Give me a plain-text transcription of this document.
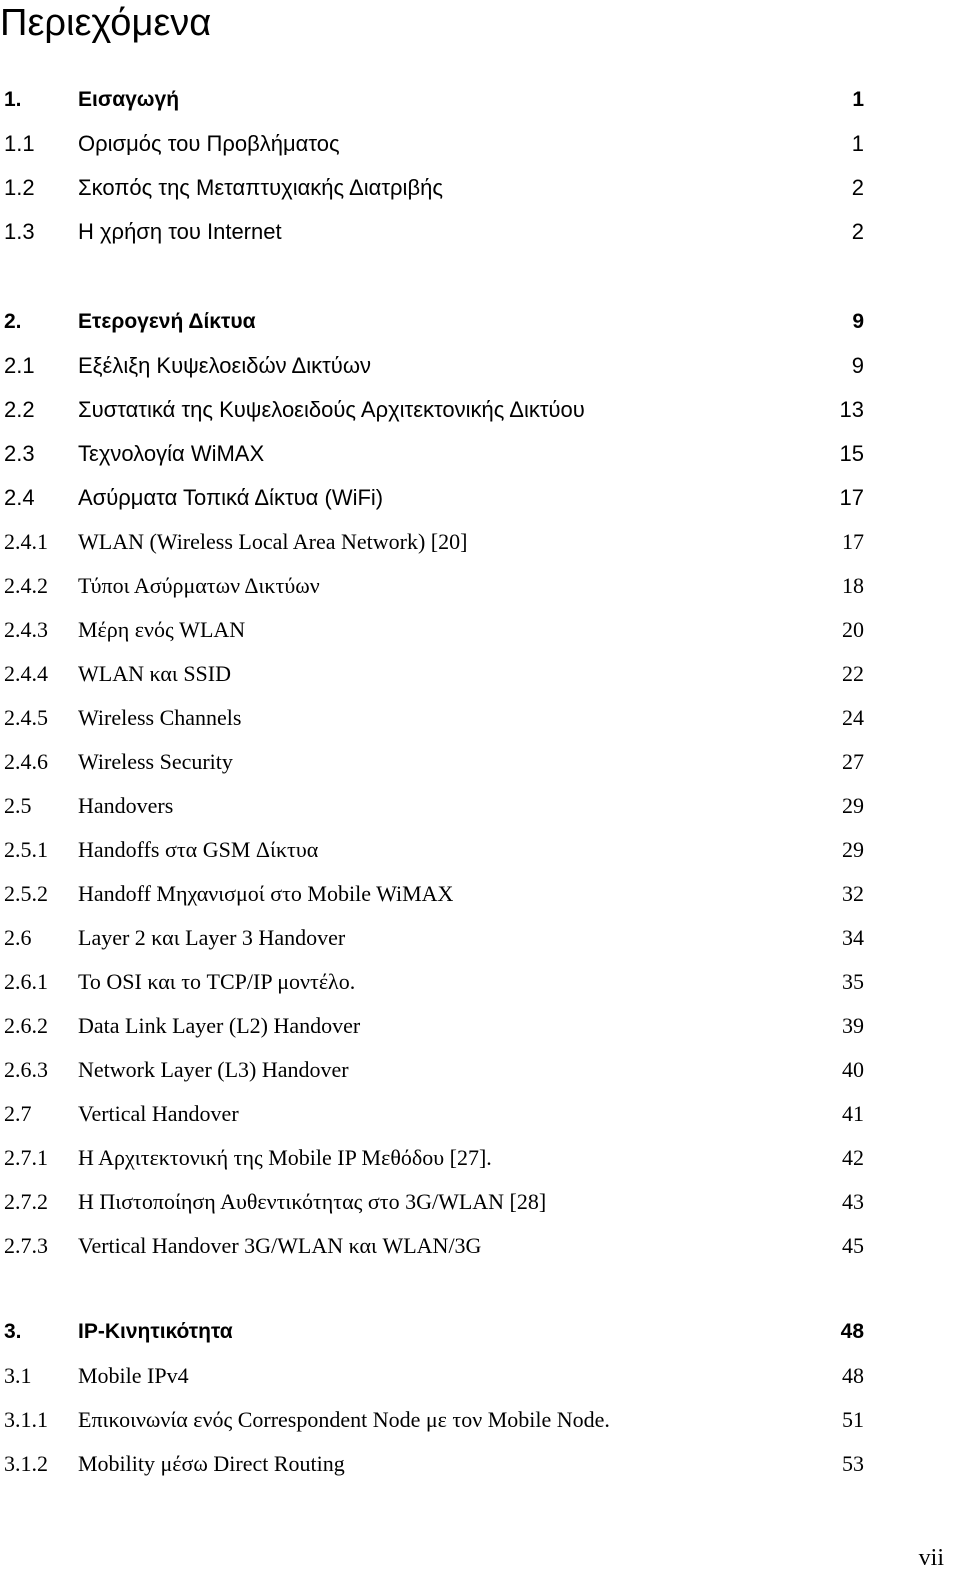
Περιεχόμενα
1.	Εισαγωγή	1
1.1 Ορισμός του Προβλήματος	1
1.2 Σκοπός της Μεταπτυχιακής Διατριβής	2
1.3 Η χρήση του Internet	2
2.	Ετερογενή Δίκτυα	9
2.1 Εξέλιξη Κυψελοειδών Δικτύων	9
2.2 Συστατικά της Κυψελοειδούς Αρχιτεκτονικής Δικτύου	13
2.3 Τεχνολογία WiMAX	15
2.4 Ασύρματα Τοπικά Δίκτυα (WiFi)	17
2.4.1 WLAN (Wireless Local Area Network) [20]	17
2.4.2 Τύποι Ασύρματων Δικτύων	18
2.4.3 Μέρη ενός WLAN	20
2.4.4 WLAN και SSID	22
2.4.5 Wireless Channels	24
2.4.6 Wireless Security	27
2.5 Handovers	29
2.5.1 Handoffs στα GSM Δίκτυα	29
2.5.2 Handoff Μηχανισμοί στο Mobile WiMAX	32
2.6 Layer 2 και Layer 3 Handover	34
2.6.1 To OSI και το TCP/IP μοντέλο.	35
2.6.2 Data Link Layer (L2) Handover	39
2.6.3 Network Layer (L3) Handover	40
2.7 Vertical Handover	41
2.7.1 Η Αρχιτεκτονική της Mobile IP Μεθόδου [27].	42
2.7.2 Η Πιστοποίηση Αυθεντικότητας στο 3G/WLAN [28]	43
2.7.3 Vertical Handover 3G/WLAN και WLAN/3G	45
3.	IP-Κινητικότητα	48
3.1 Mobile IPv4	48
3.1.1 Επικοινωνία ενός Correspondent Node με τον Mobile Node.	51
3.1.2 Mobility μέσω Direct Routing	53
vii
